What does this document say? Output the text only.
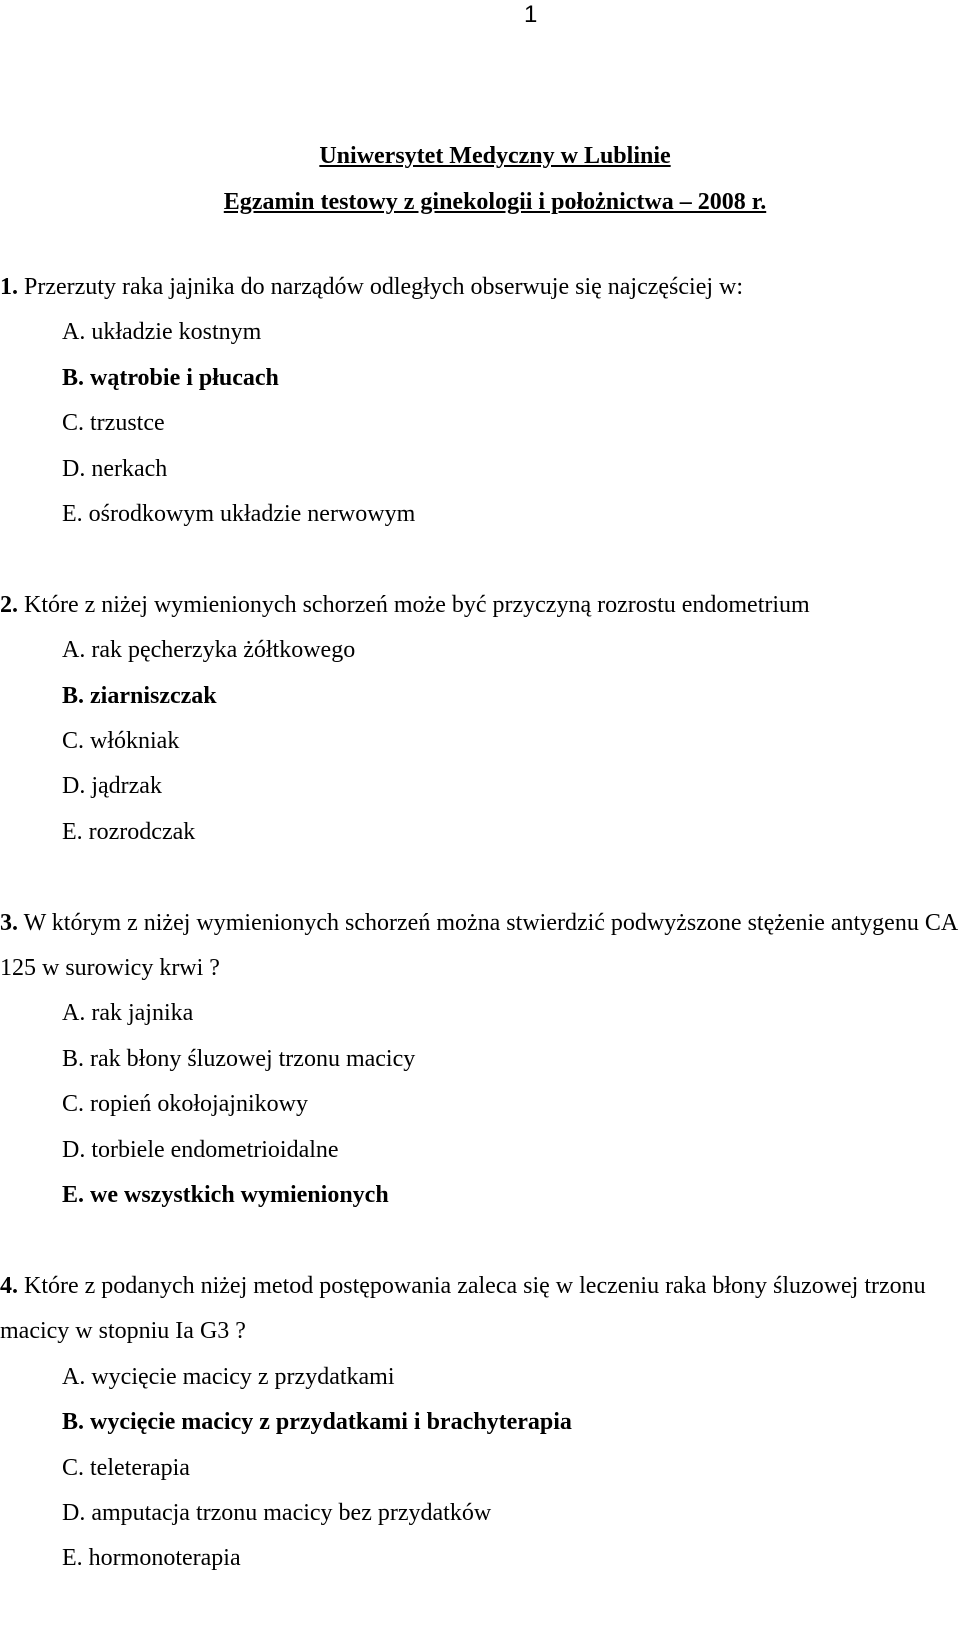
1
Uniwersytet Medyczny w Lublinie
Egzamin testowy z ginekologii i położnictwa – 2008 r.

1. Przerzuty raka jajnika do narządów odległych obserwuje się najczęściej w:

A. układzie kostnym
B. wątrobie i płucach
C. trzustce
D. nerkach
E. ośrodkowym układzie nerwowym

2. Które z niżej wymienionych schorzeń może być przyczyną rozrostu endometrium

A. rak pęcherzyka żółtkowego
B. ziarniszczak
C. włókniak
D. jądrzak
E. rozrodczak

3. W którym z niżej wymienionych schorzeń można stwierdzić podwyższone stężenie antygenu CA 125 w surowicy krwi ?

A. rak jajnika
B. rak błony śluzowej trzonu macicy
C. ropień okołojajnikowy
D. torbiele endometrioidalne
E. we wszystkich wymienionych

4. Które z podanych niżej metod postępowania zaleca się w leczeniu raka błony śluzowej trzonu macicy w stopniu Ia G3 ?

A. wycięcie macicy z przydatkami
B. wycięcie macicy z przydatkami i brachyterapia
C. teleterapia
D. amputacja trzonu macicy bez przydatków
E. hormonoterapia
